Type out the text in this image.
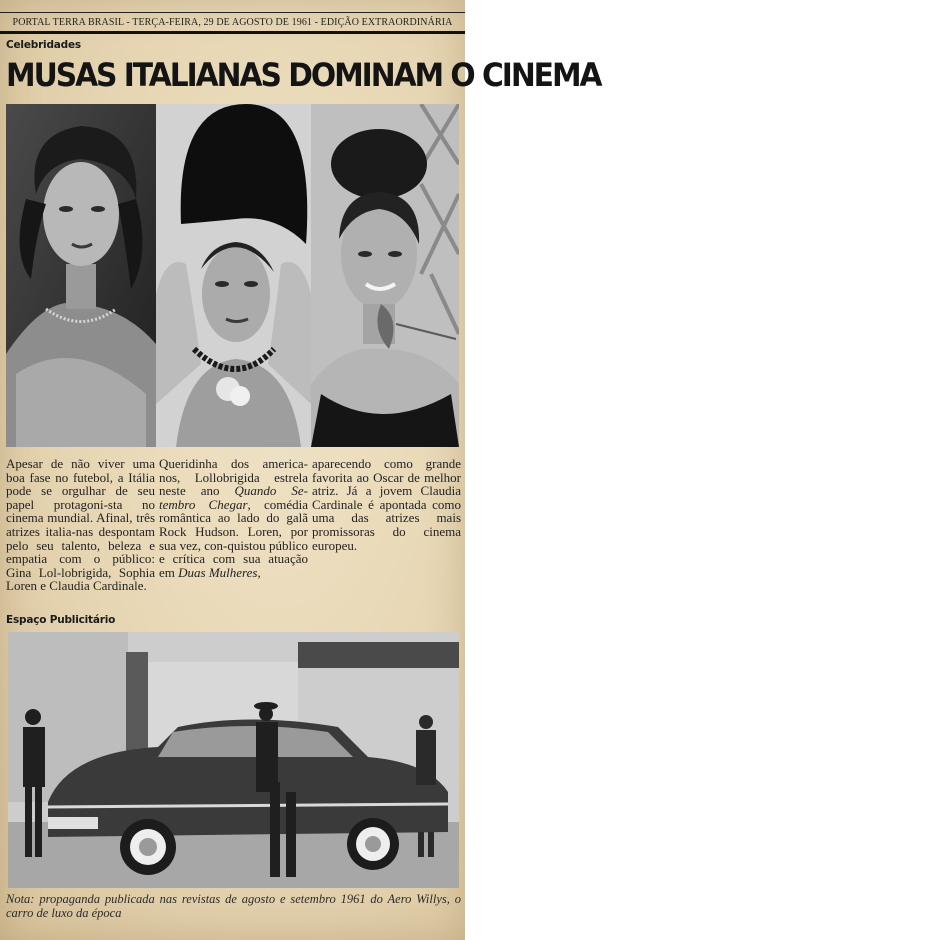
PORTAL TERRA BRASIL - TERÇA-FEIRA, 29 DE AGOSTO DE 1961 - EDIÇÃO EXTRAORDINÁRIA
Celebridades
MUSAS ITALIANAS DOMINAM O CINEMA
Apesar de não viver uma boa fase no futebol, a Itália pode se orgulhar de seu papel protagoni-sta no cinema mundial. Afinal, três atrizes italia-nas despontam pelo seu talento, beleza e empatia com o público: Gina Lol-lobrigida, Sophia Loren e Claudia Cardinale.
Queridinha dos america-nos, Lollobrigida estrela neste ano Quando Se-tembro Chegar, comédia romântica ao lado do galã Rock Hudson. Loren, por sua vez, con-quistou público e crítica com sua atuação em Duas Mulheres,
aparecendo como grande favorita ao Oscar de melhor atriz. Já a jovem Claudia Cardinale é apontada como uma das atrizes mais promissoras do cinema europeu.
Espaço Publicitário
Nota: propaganda publicada nas revistas de agosto e setembro 1961 do Aero Willys, o carro de luxo da época
